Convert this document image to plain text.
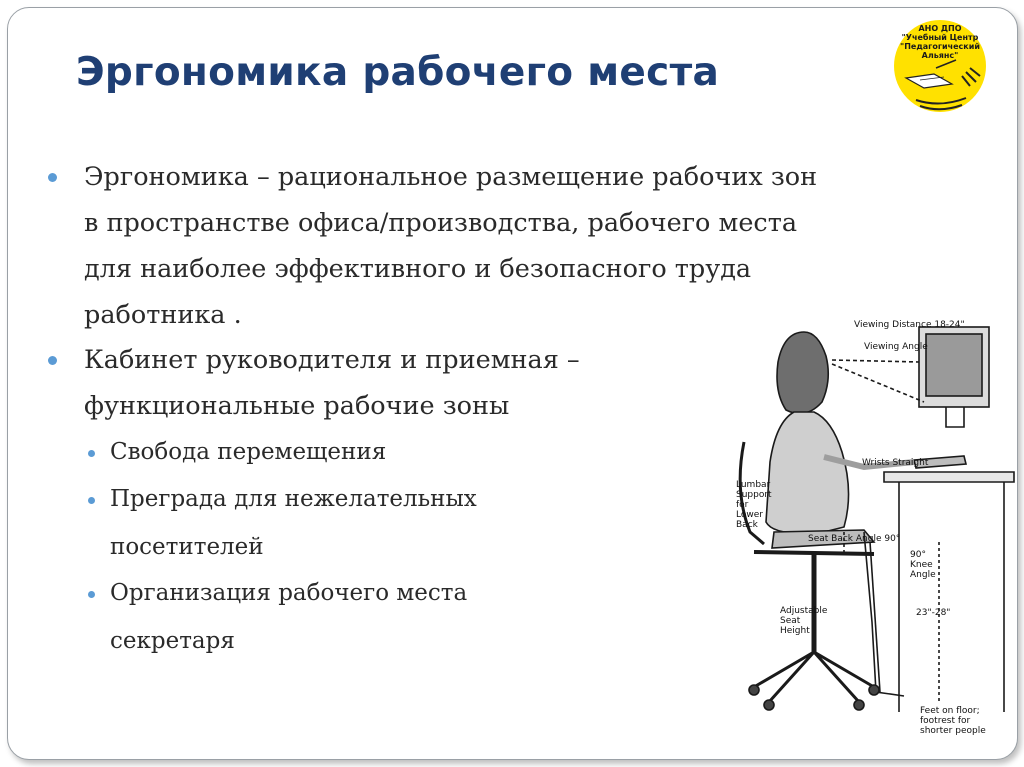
АНО ДПО
"Учебный Центр
"Педагогический Альянс"
Эргономика рабочего места
Эргономика – рациональное размещение рабочих зон
в пространстве офиса/производства, рабочего места
для наиболее эффективного и безопасного труда
работника .
Кабинет руководителя и приемная –
функциональные рабочие зоны
Свобода перемещения
Преграда для нежелательных
посетителей
Организация рабочего места
секретаря
Viewing Distance 18-24"
Viewing Angle
Wrists Straight
Lumbar
Support
for
Lower
Back
Seat Back Angle 90°
90°
Knee
Angle
Adjustable
Seat
Height
23"-28"
Feet on floor;
footrest for
shorter people
